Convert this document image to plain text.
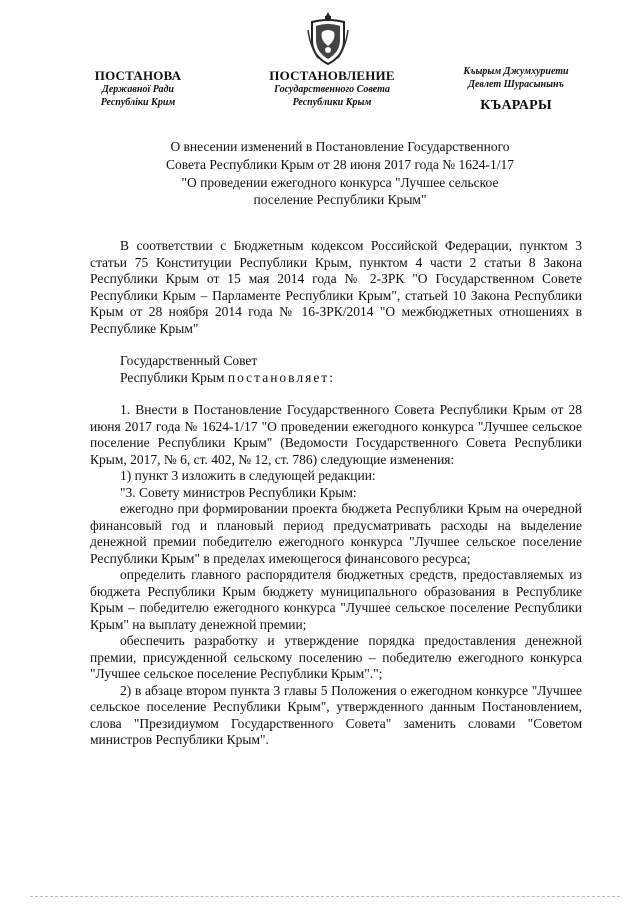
ПОСТАНОВА
Державної Ради
Республіки Крим
ПОСТАНОВЛЕНИЕ
Государственного Совета
Республики Крым
Къырым Джумхуриети
Девлет Шурасынынъ
КЪАРАРЫ
О внесении изменений в Постановление Государственного
Совета Республики Крым от 28 июня 2017 года № 1624-1/17
"О проведении ежегодного конкурса "Лучшее сельское
поселение Республики Крым"

В соответствии с Бюджетным кодексом Российской Федерации, пунктом 3 статьи 75 Конституции Республики Крым, пунктом 4 части 2 статьи 8 Закона Республики Крым от 15 мая 2014 года № 2-ЗРК "О Государственном Совете Республики Крым – Парламенте Республики Крым", статьей 10 Закона Республики Крым от 28 ноября 2014 года № 16-ЗРК/2014 "О межбюджетных отношениях в Республике Крым"

Государственный Совет

Республики Крым постановляет:

1. Внести в Постановление Государственного Совета Республики Крым от 28 июня 2017 года № 1624-1/17 "О проведении ежегодного конкурса "Лучшее сельское поселение Республики Крым" (Ведомости Государственного Совета Республики Крым, 2017, № 6, ст. 402, № 12, ст. 786) следующие изменения:

1) пункт 3 изложить в следующей редакции:

"3. Совету министров Республики Крым:

ежегодно при формировании проекта бюджета Республики Крым на очередной финансовый год и плановый период предусматривать расходы на выделение денежной премии победителю ежегодного конкурса "Лучшее сельское поселение Республики Крым" в пределах имеющегося финансового ресурса;

определить главного распорядителя бюджетных средств, предоставляемых из бюджета Республики Крым бюджету муниципального образования в Республике Крым – победителю ежегодного конкурса "Лучшее сельское поселение Республики Крым" на выплату денежной премии;

обеспечить разработку и утверждение порядка предоставления денежной премии, присужденной сельскому поселению – победителю ежегодного конкурса "Лучшее сельское поселение Республики Крым".";

2) в абзаце втором пункта 3 главы 5 Положения о ежегодном конкурсе "Лучшее сельское поселение Республики Крым", утвержденного данным Постановлением, слова "Президиумом Государственного Совета" заменить словами "Советом министров Республики Крым".
